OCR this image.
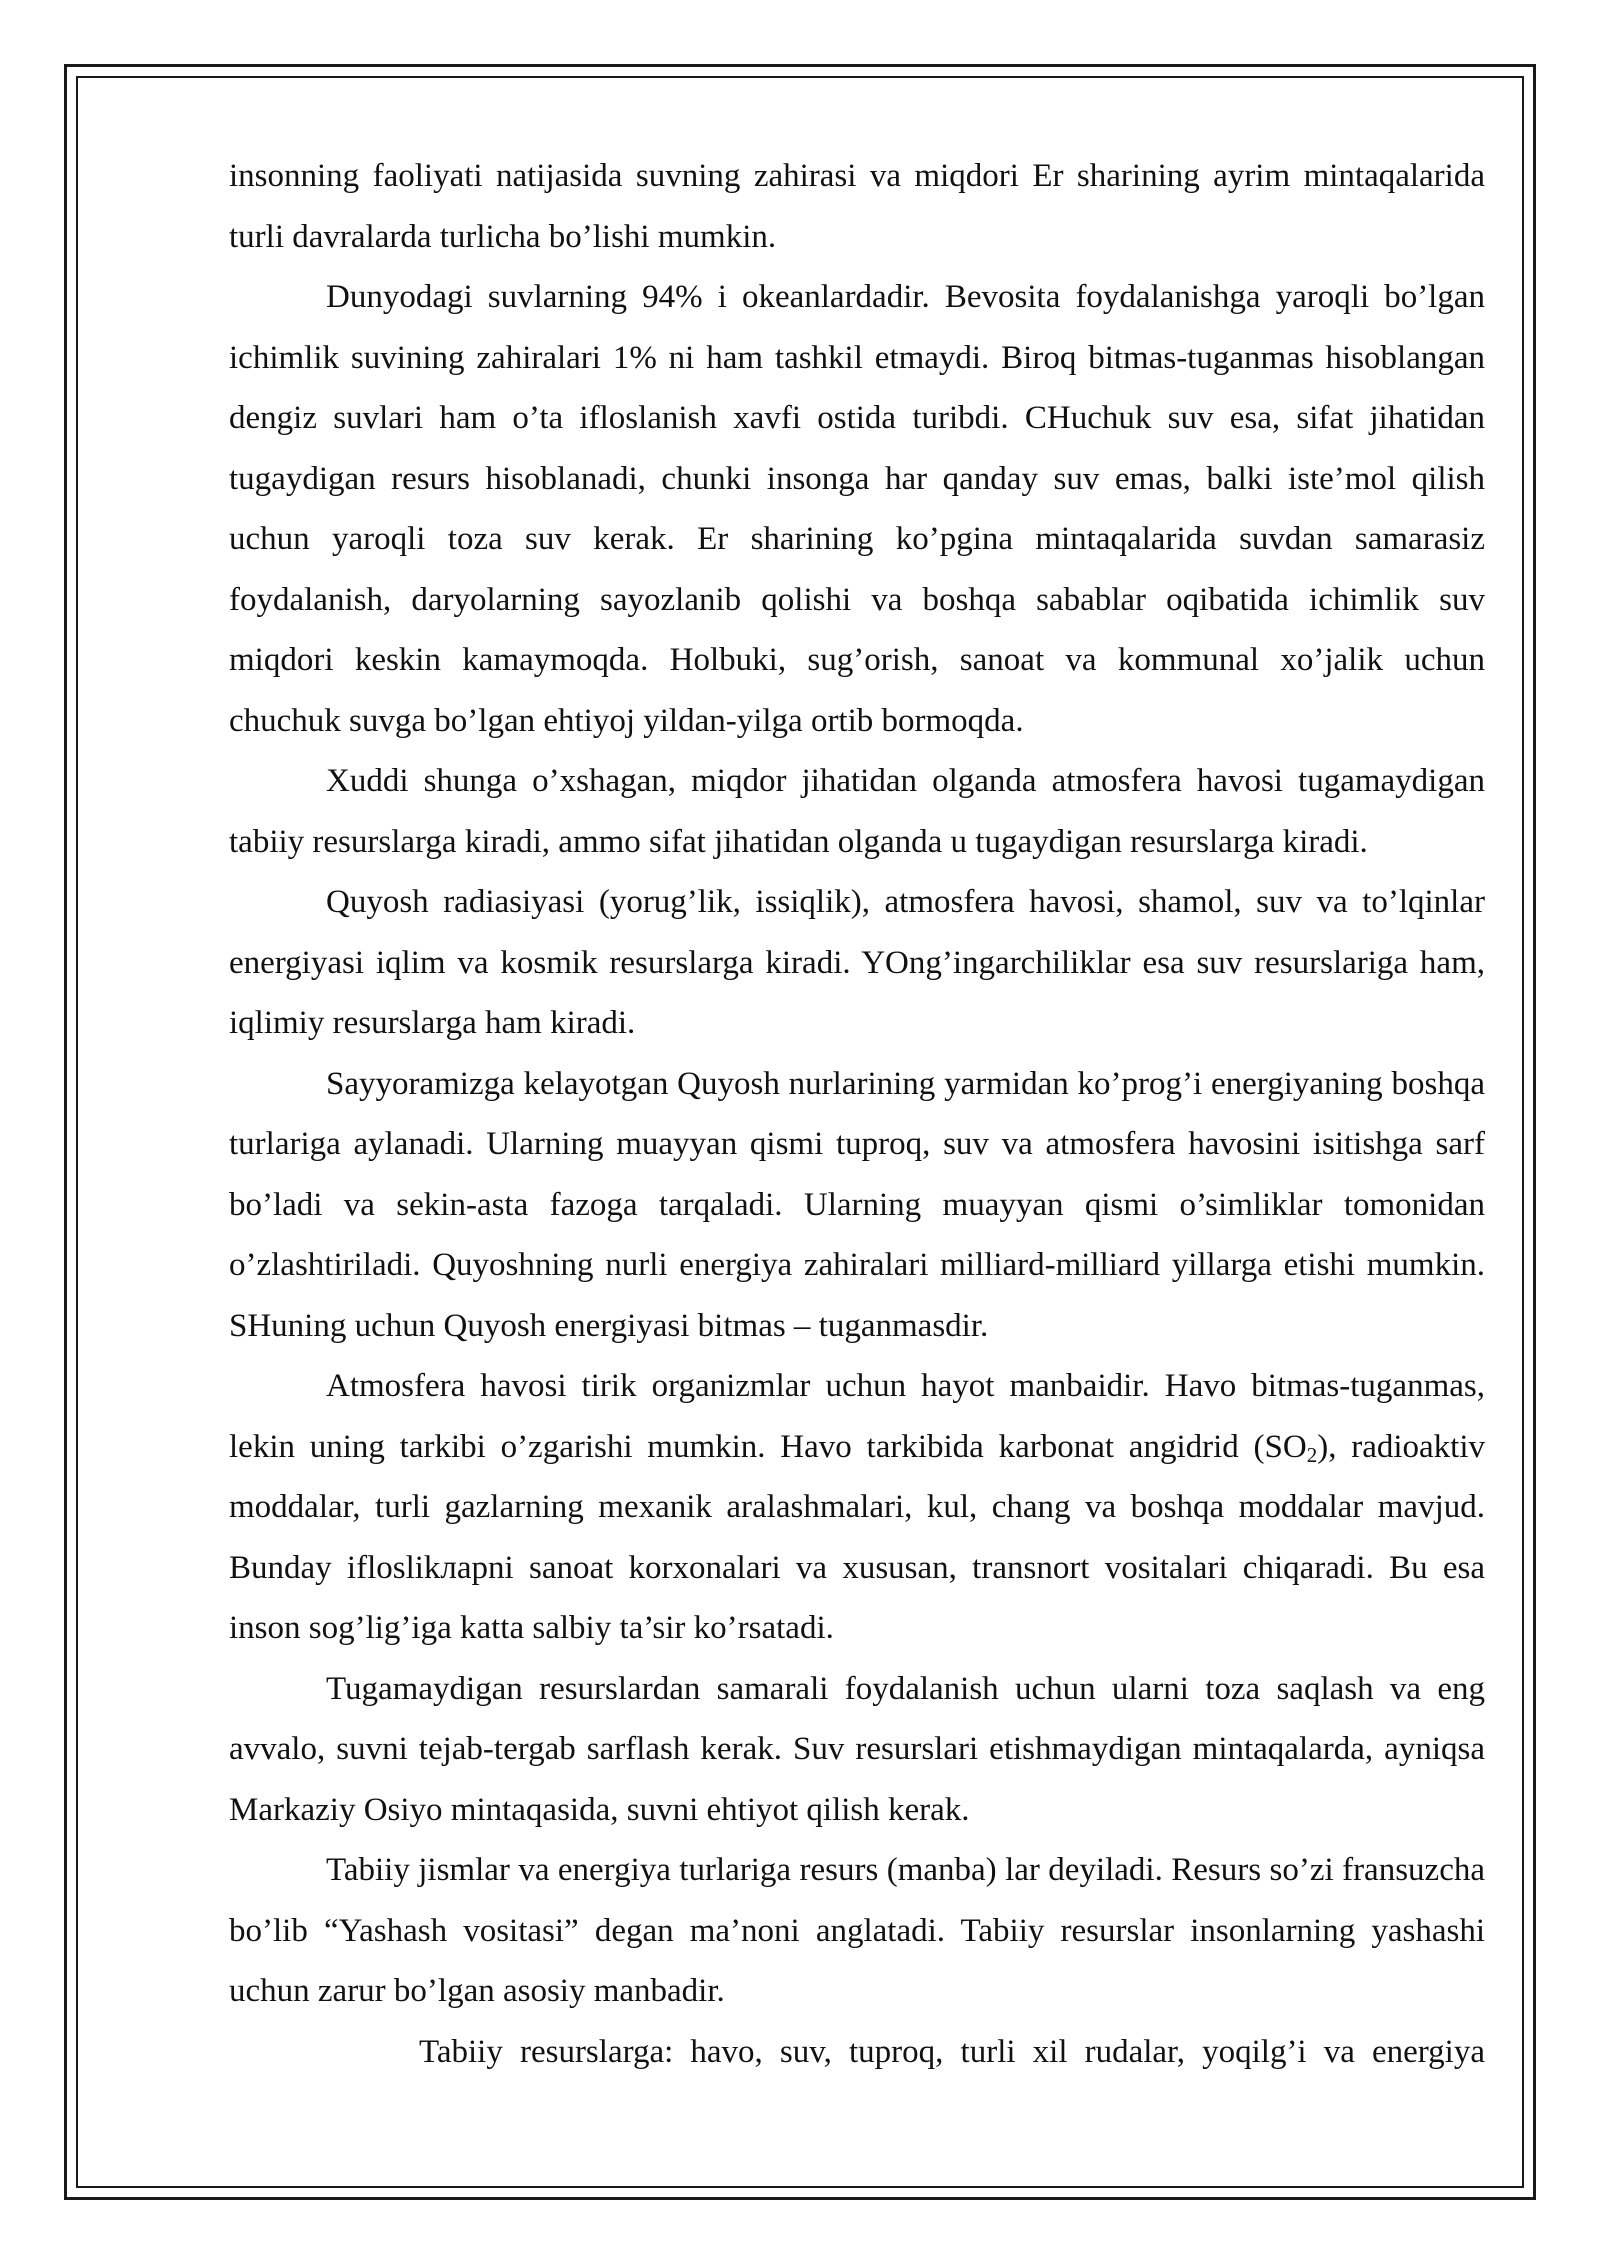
insonning faoliyati natijasida suvning zahirasi va miqdori Er sharining ayrim mintaqalarida turli davralarda turlicha bo’lishi mumkin.

Dunyodagi suvlarning 94% i okeanlardadir. Bevosita foydalanishga yaroqli bo’lgan ichimlik suvining zahiralari 1% ni ham tashkil etmaydi. Biroq bitmas-tuganmas hisoblangan dengiz suvlari ham o’ta ifloslanish xavfi ostida turibdi. CHuchuk suv esa, sifat jihatidan tugaydigan resurs hisoblanadi, chunki insonga har qanday suv emas, balki iste’mol qilish uchun yaroqli toza suv kerak. Er sharining ko’pgina mintaqalarida suvdan samarasiz foydalanish, daryolarning sayozlanib qolishi va boshqa sabablar oqibatida ichimlik suv miqdori keskin kamaymoqda. Holbuki, sug’orish, sanoat va kommunal xo’jalik uchun chuchuk suvga bo’lgan ehtiyoj yildan-yilga ortib bormoqda.

Xuddi shunga o’xshagan, miqdor jihatidan olganda atmosfera havosi tugamaydigan tabiiy resurslarga kiradi, ammo sifat jihatidan olganda u tugaydigan resurslarga kiradi.

Quyosh radiasiyasi (yorug’lik, issiqlik), atmosfera havosi, shamol, suv va to’lqinlar energiyasi iqlim va kosmik resurslarga kiradi. YOng’ingarchiliklar esa suv resurslariga ham, iqlimiy resurslarga ham kiradi.

Sayyoramizga kelayotgan Quyosh nurlarining yarmidan ko’prog’i energiyaning boshqa turlariga aylanadi. Ularning muayyan qismi tuproq, suv va atmosfera havosini isitishga sarf bo’ladi va sekin-asta fazoga tarqaladi. Ularning muayyan qismi o’simliklar tomonidan o’zlashtiriladi. Quyoshning nurli energiya zahiralari milliard-milliard yillarga etishi mumkin. SHuning uchun Quyosh energiyasi bitmas – tuganmasdir.

Atmosfera havosi tirik organizmlar uchun hayot manbaidir. Havo bitmas-tuganmas, lekin uning tarkibi o’zgarishi mumkin. Havo tarkibida karbonat angidrid $(SO_2)$, radioaktiv moddalar, turli gazlarning mexanik aralashmalari, kul, chang va boshqa moddalar mavjud. Bunday ifloslikларni sanoat korxonalari va xususan, transnort vositalari chiqaradi. Bu esa inson sog’lig’iga katta salbiy ta’sir ko’rsatadi.

Tugamaydigan resurslardan samarali foydalanish uchun ularni toza saqlash va eng avvalo, suvni tejab-tergab sarflash kerak. Suv resurslari etishmaydigan mintaqalarda, ayniqsa Markaziy Osiyo mintaqasida, suvni ehtiyot qilish kerak.

Tabiiy jismlar va energiya turlariga resurs (manba) lar deyiladi. Resurs so’zi fransuzcha bo’lib “Yashash vositasi” degan ma’noni anglatadi. Tabiiy resurslar insonlarning yashashi uchun zarur bo’lgan asosiy manbadir.

Tabiiy resurslarga: havo, suv, tuproq, turli xil rudalar, yoqilg’i va energiya
